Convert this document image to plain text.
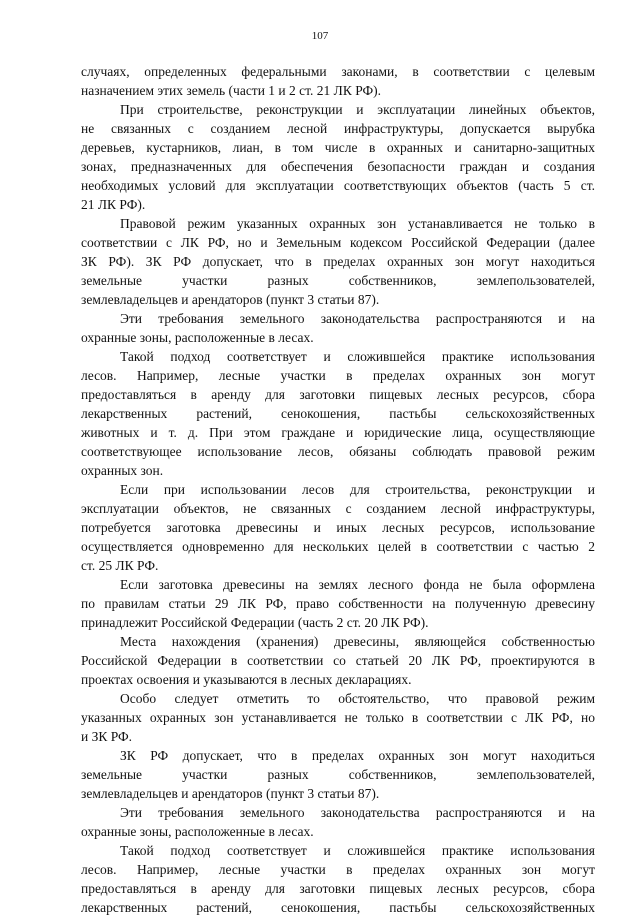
107
случаях, определенных федеральными законами, в соответствии с целевым
назначением этих земель (части 1 и 2 ст. 21 ЛК РФ).
При строительстве, реконструкции и эксплуатации линейных объектов,
не связанных с созданием лесной инфраструктуры, допускается вырубка
деревьев, кустарников, лиан, в том числе в охранных и санитарно-защитных
зонах, предназначенных для обеспечения безопасности граждан и создания
необходимых условий для эксплуатации соответствующих объектов (часть 5 ст.
21 ЛК РФ).
Правовой режим указанных охранных зон устанавливается не только в
соответствии с ЛК РФ, но и Земельным кодексом Российской Федерации (далее
ЗК РФ). ЗК РФ допускает, что в пределах охранных зон могут находиться
земельные участки разных собственников, землепользователей,
землевладельцев и арендаторов (пункт 3 статьи 87).
Эти требования земельного законодательства распространяются и на
охранные зоны, расположенные в лесах.
Такой подход соответствует и сложившейся практике использования
лесов. Например, лесные участки в пределах охранных зон могут
предоставляться в аренду для заготовки пищевых лесных ресурсов, сбора
лекарственных растений, сенокошения, пастьбы сельскохозяйственных
животных и т. д. При этом граждане и юридические лица, осуществляющие
соответствующее использование лесов, обязаны соблюдать правовой режим
охранных зон.
Если при использовании лесов для строительства, реконструкции и
эксплуатации объектов, не связанных с созданием лесной инфраструктуры,
потребуется заготовка древесины и иных лесных ресурсов, использование
осуществляется одновременно для нескольких целей в соответствии с частью 2
ст. 25 ЛК РФ.
Если заготовка древесины на землях лесного фонда не была оформлена
по правилам статьи 29 ЛК РФ, право собственности на полученную древесину
принадлежит Российской Федерации (часть 2 ст. 20 ЛК РФ).
Места нахождения (хранения) древесины, являющейся собственностью
Российской Федерации в соответствии со статьей 20 ЛК РФ, проектируются в
проектах освоения и указываются в лесных декларациях.
Особо следует отметить то обстоятельство, что правовой режим
указанных охранных зон устанавливается не только в соответствии с ЛК РФ, но
и ЗК РФ.
ЗК РФ допускает, что в пределах охранных зон могут находиться
земельные участки разных собственников, землепользователей,
землевладельцев и арендаторов (пункт 3 статьи 87).
Эти требования земельного законодательства распространяются и на
охранные зоны, расположенные в лесах.
Такой подход соответствует и сложившейся практике использования
лесов. Например, лесные участки в пределах охранных зон могут
предоставляться в аренду для заготовки пищевых лесных ресурсов, сбора
лекарственных растений, сенокошения, пастьбы сельскохозяйственных
